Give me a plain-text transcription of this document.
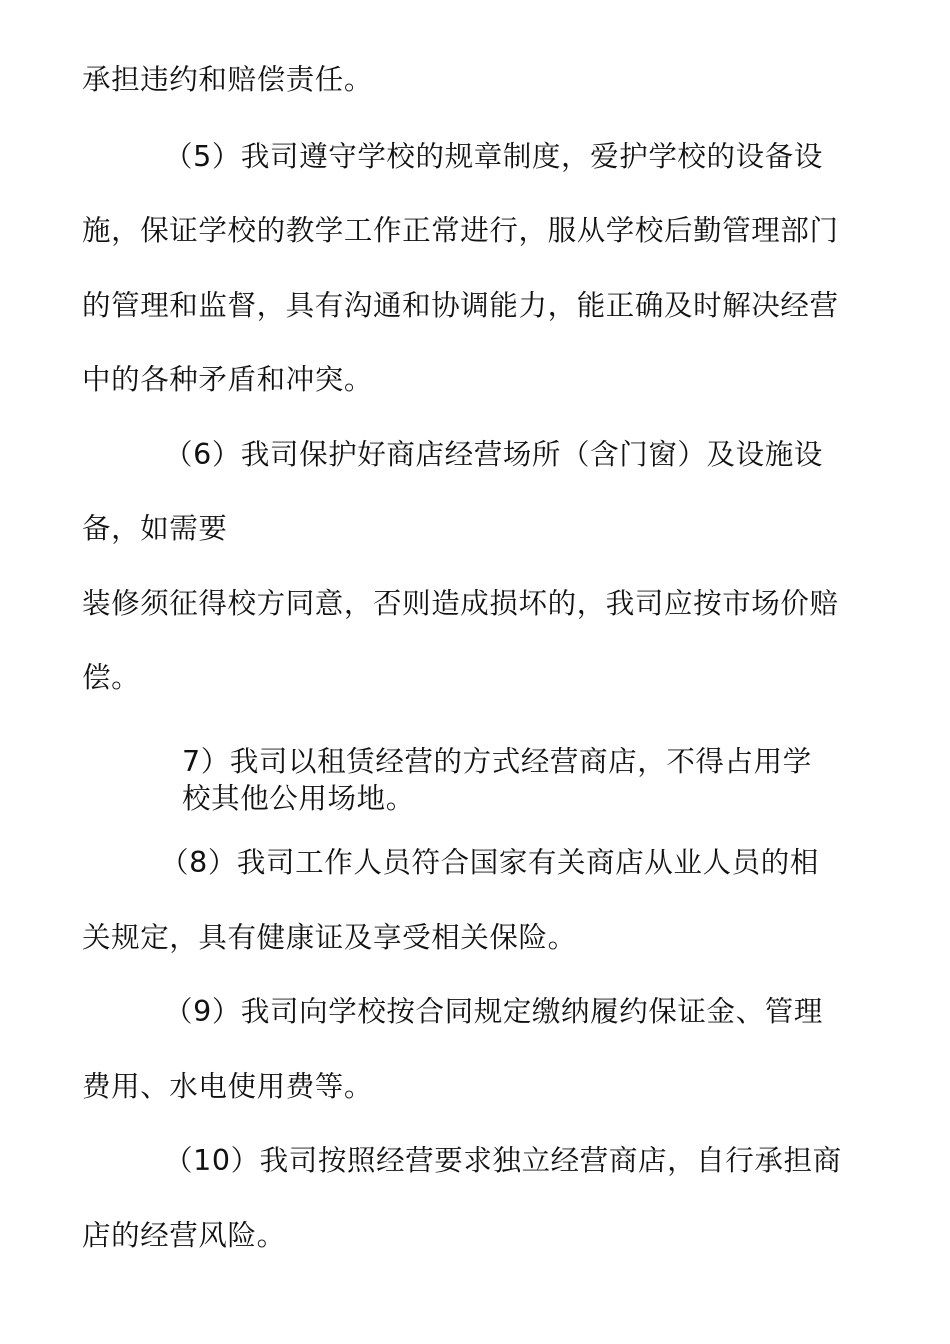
承担违约和赔偿责任。
（5）我司遵守学校的规章制度，爱护学校的设备设
施，保证学校的教学工作正常进行，服从学校后勤管理部门
的管理和监督，具有沟通和协调能力，能正确及时解决经营
中的各种矛盾和冲突。
（6）我司保护好商店经营场所（含门窗）及设施设
备，如需要
装修须征得校方同意，否则造成损坏的，我司应按市场价赔
偿。
7）我司以租赁经营的方式经营商店，不得占用学
校其他公用场地。
（8）我司工作人员符合国家有关商店从业人员的相
关规定，具有健康证及享受相关保险。
（9）我司向学校按合同规定缴纳履约保证金、管理
费用、水电使用费等。
（10）我司按照经营要求独立经营商店，自行承担商
店的经营风险。
